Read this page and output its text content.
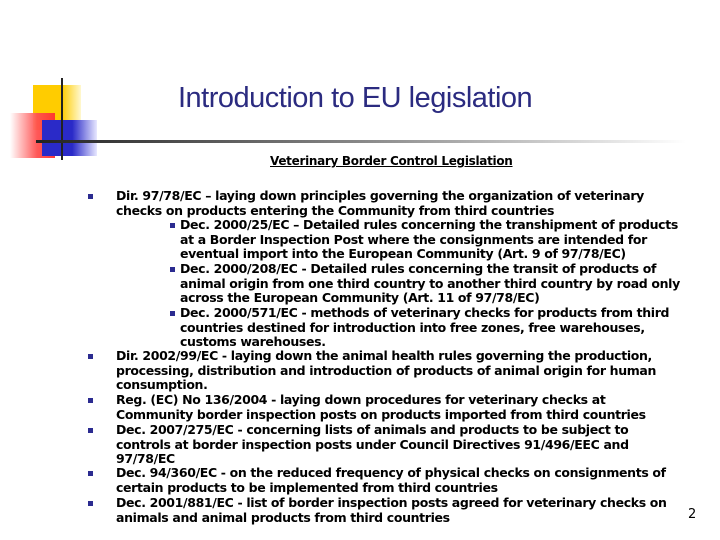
Introduction to EU legislation
Veterinary Border Control Legislation
Dir. 97/78/EC – laying down principles governing the organization of veterinary
checks on products entering the Community from third countries
Dec. 2000/25/EC – Detailed rules concerning the transhipment of products
at a Border Inspection Post where the consignments are intended for
eventual import into the European Community (Art. 9 of 97/78/EC)
Dec. 2000/208/EC - Detailed rules concerning the transit of products of
animal origin from one third country to another third country by road only
across the European Community (Art. 11 of 97/78/EC)
Dec. 2000/571/EC - methods of veterinary checks for products from third
countries destined for introduction into free zones, free warehouses,
customs warehouses.
Dir. 2002/99/EC - laying down the animal health rules governing the production,
processing, distribution and introduction of products of animal origin for human
consumption.
Reg. (EC) No 136/2004 - laying down procedures for veterinary checks at
Community border inspection posts on products imported from third countries
Dec. 2007/275/EC - concerning lists of animals and products to be subject to
controls at border inspection posts under Council Directives 91/496/EEC and
97/78/EC
Dec. 94/360/EC - on the reduced frequency of physical checks on consignments of
certain products to be implemented from third countries
Dec. 2001/881/EC - list of border inspection posts agreed for veterinary checks on
animals and animal products from third countries	2
